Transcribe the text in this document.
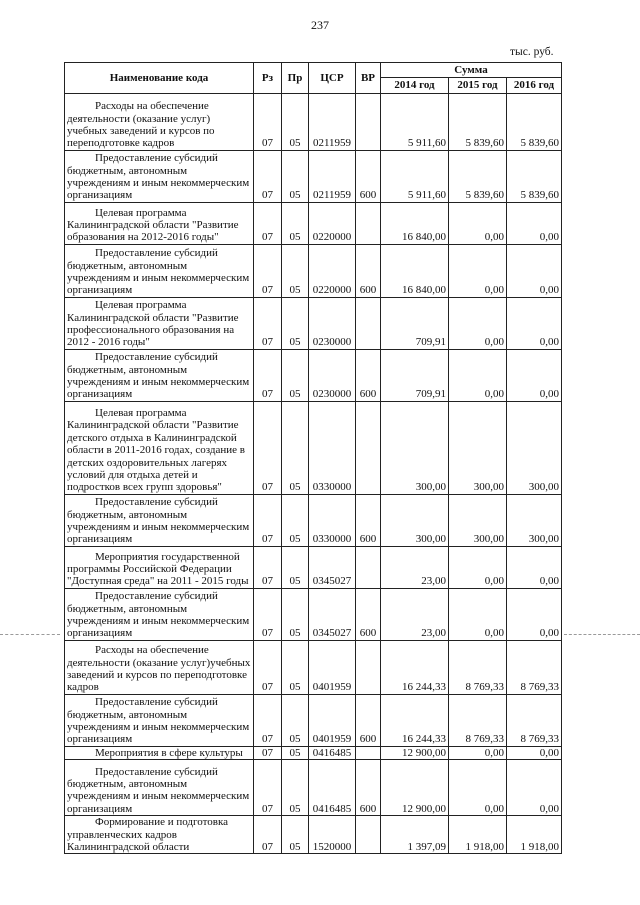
237
тыс. руб.
Наименование кода	Рз	Пр	ЦСР	ВР	Сумма		
					2014 год	2015 год	2016 год
Расходы на обеспечение деятельности (оказание услуг) учебных заведений и курсов по переподготовке кадров	07	05	0211959		5 911,60	5 839,60	5 839,60
Предоставление субсидий бюджетным, автономным учреждениям и иным некоммерческим организациям	07	05	0211959	600	5 911,60	5 839,60	5 839,60
Целевая программа Калининградской области "Развитие образования на 2012-2016 годы"	07	05	0220000		16 840,00	0,00	0,00
Предоставление субсидий бюджетным, автономным учреждениям и иным некоммерческим организациям	07	05	0220000	600	16 840,00	0,00	0,00
Целевая программа Калининградской области "Развитие профессионального образования на 2012 - 2016 годы"	07	05	0230000		709,91	0,00	0,00
Предоставление субсидий бюджетным, автономным учреждениям и иным некоммерческим организациям	07	05	0230000	600	709,91	0,00	0,00
Целевая программа Калининградской области "Развитие детского отдыха в Калининградской области в 2011-2016 годах, создание в детских оздоровительных лагерях условий для отдыха детей и подростков всех групп здоровья"	07	05	0330000		300,00	300,00	300,00
Предоставление субсидий бюджетным, автономным учреждениям и иным некоммерческим организациям	07	05	0330000	600	300,00	300,00	300,00
Мероприятия государственной программы Российской Федерации "Доступная среда" на 2011 - 2015 годы	07	05	0345027		23,00	0,00	0,00
Предоставление субсидий бюджетным, автономным учреждениям и иным некоммерческим организациям	07	05	0345027	600	23,00	0,00	0,00
Расходы на обеспечение деятельности (оказание услуг)учебных заведений и курсов по переподготовке кадров	07	05	0401959		16 244,33	8 769,33	8 769,33
Предоставление субсидий бюджетным, автономным учреждениям и иным некоммерческим организациям	07	05	0401959	600	16 244,33	8 769,33	8 769,33
Мероприятия в сфере культуры	07	05	0416485		12 900,00	0,00	0,00
Предоставление субсидий бюджетным, автономным учреждениям и иным некоммерческим организациям	07	05	0416485	600	12 900,00	0,00	0,00
Формирование и подготовка управленческих кадров Калининградской области	07	05	1520000		1 397,09	1 918,00	1 918,00
